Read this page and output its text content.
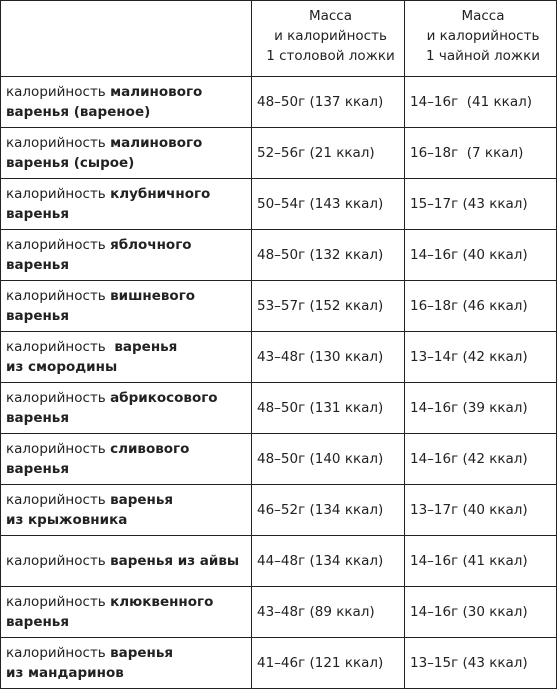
	Масса
и калорийность
1 столовой ложки	Масса
и калорийность
1 чайной ложки

калорийность малинового
варенья (вареное)	48–50г (137 ккал)	14–16г  (41 ккал)

калорийность малинового
варенья (сырое)	52–56г (21 ккал)	16–18г  (7 ккал)

калорийность клубничного
варенья	50–54г (143 ккал)	15–17г (43 ккал)

калорийность яблочного
варенья	48–50г (132 ккал)	14–16г (40 ккал)

калорийность вишневого
варенья	53–57г (152 ккал)	16–18г (46 ккал)

калорийность  варенья
из смородины	43–48г (130 ккал)	13–14г (42 ккал)

калорийность абрикосового
варенья	48–50г (131 ккал)	14–16г (39 ккал)

калорийность сливового
варенья	48–50г (140 ккал)	14–16г (42 ккал)

калорийность варенья
из крыжовника	46–52г (134 ккал)	13–17г (40 ккал)

калорийность варенья из айвы	44–48г (134 ккал)	14–16г (41 ккал)

калорийность клюквенного
варенья	43–48г (89 ккал)	14–16г (30 ккал)

калорийность варенья
из мандаринов	41–46г (121 ккал)	13–15г (43 ккал)
